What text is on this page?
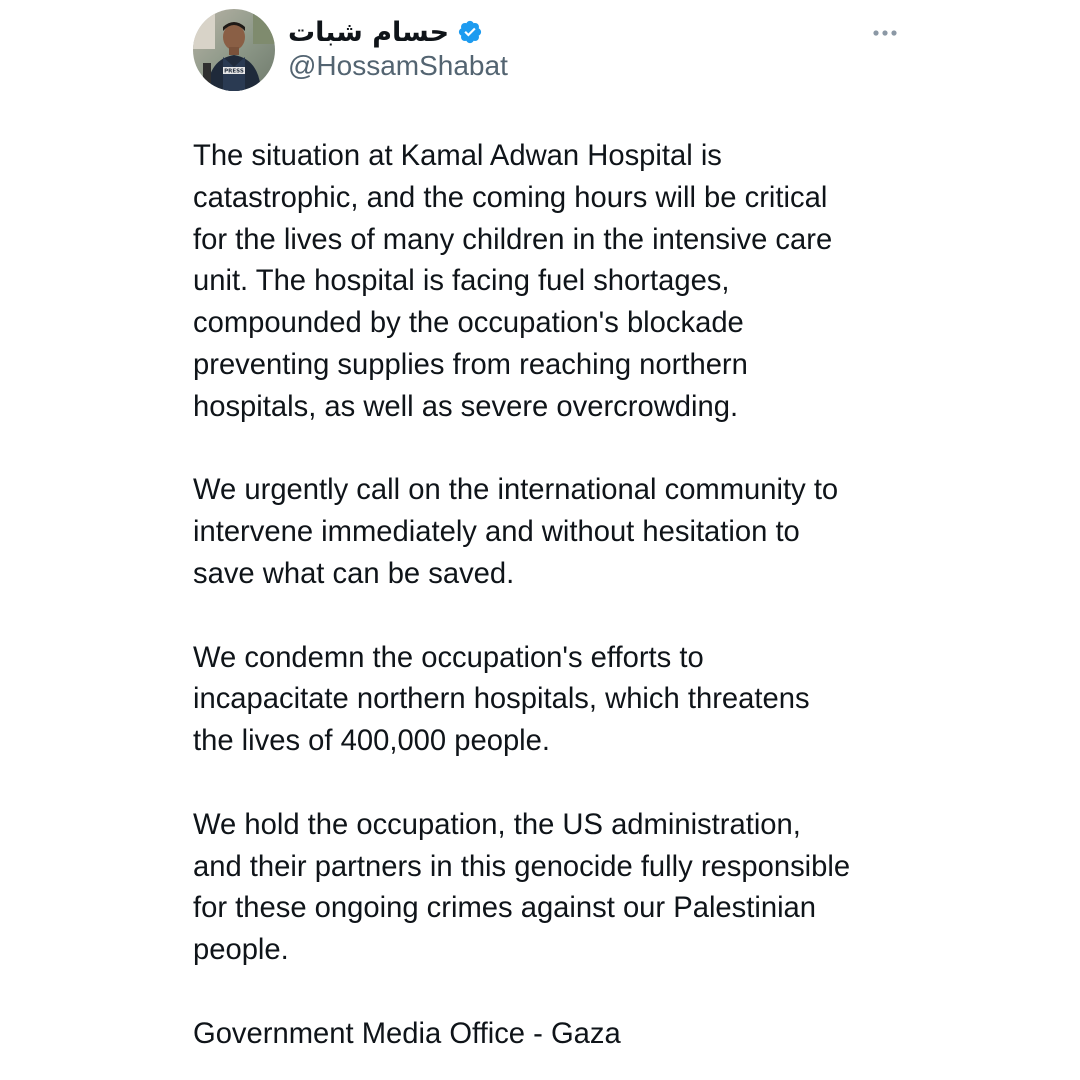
PRESS
حسام شبات
@HossamShabat

The situation at Kamal Adwan Hospital is
catastrophic, and the coming hours will be critical
for the lives of many children in the intensive care
unit. The hospital is facing fuel shortages,
compounded by the occupation's blockade
preventing supplies from reaching northern
hospitals, as well as severe overcrowding.

We urgently call on the international community to
intervene immediately and without hesitation to
save what can be saved.

We condemn the occupation's efforts to
incapacitate northern hospitals, which threatens
the lives of 400,000 people.

We hold the occupation, the US administration,
and their partners in this genocide fully responsible
for these ongoing crimes against our Palestinian
people.

Government Media Office - Gaza
